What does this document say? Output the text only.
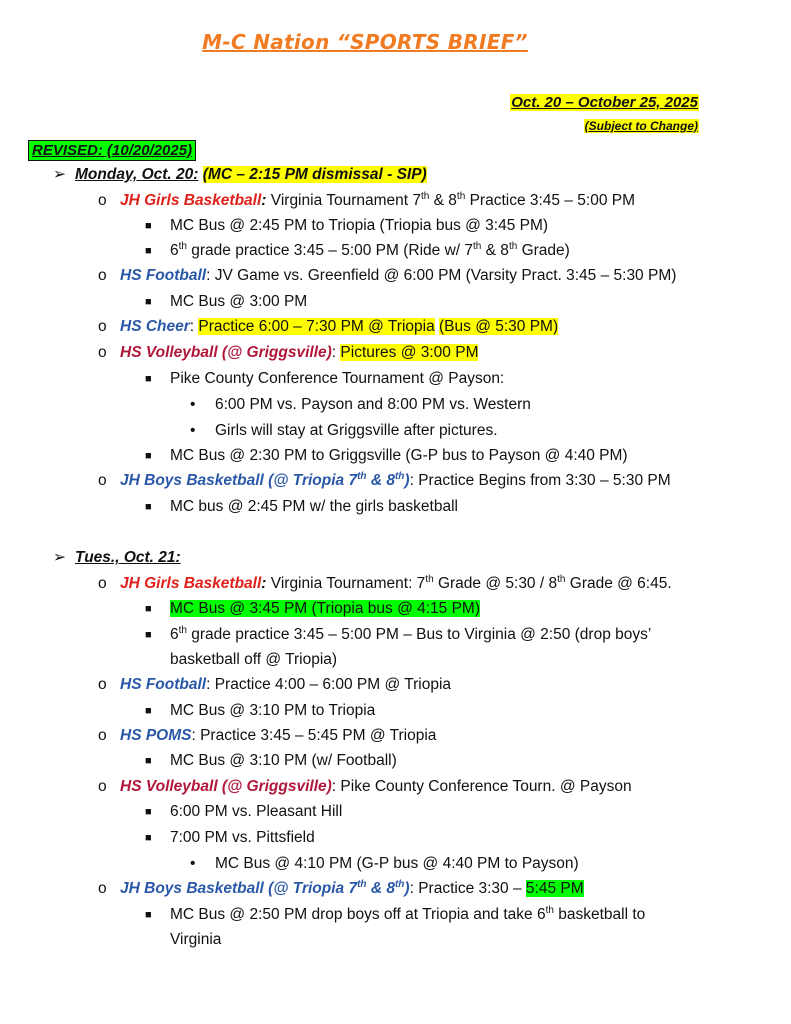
M-C Nation “SPORTS BRIEF”
Oct. 20 – October 25, 2025
(Subject to Change)
REVISED: (10/20/2025)
➢ Monday, Oct. 20: (MC – 2:15 PM dismissal - SIP)
o JH Girls Basketball: Virginia Tournament 7th & 8th Practice 3:45 – 5:00 PM
■ MC Bus @ 2:45 PM to Triopia (Triopia bus @ 3:45 PM)
■ 6th grade practice 3:45 – 5:00 PM (Ride w/ 7th & 8th Grade)
o HS Football: JV Game vs. Greenfield @ 6:00 PM (Varsity Pract. 3:45 – 5:30 PM)
■ MC Bus @ 3:00 PM
o HS Cheer: Practice 6:00 – 7:30 PM @ Triopia (Bus @ 5:30 PM)
o HS Volleyball (@ Griggsville): Pictures @ 3:00 PM
■ Pike County Conference Tournament @ Payson:
• 6:00 PM vs. Payson and 8:00 PM vs. Western
• Girls will stay at Griggsville after pictures.
■ MC Bus @ 2:30 PM to Griggsville (G-P bus to Payson @ 4:40 PM)
o JH Boys Basketball (@ Triopia 7th & 8th): Practice Begins from 3:30 – 5:30 PM
■ MC bus @ 2:45 PM w/ the girls basketball
➢ Tues., Oct. 21:
o JH Girls Basketball: Virginia Tournament: 7th Grade @ 5:30 / 8th Grade @ 6:45.
■ MC Bus @ 3:45 PM (Triopia bus @ 4:15 PM)
■ 6th grade practice 3:45 – 5:00 PM – Bus to Virginia @ 2:50 (drop boys’
basketball off @ Triopia)
o HS Football: Practice 4:00 – 6:00 PM @ Triopia
■ MC Bus @ 3:10 PM to Triopia
o HS POMS: Practice 3:45 – 5:45 PM @ Triopia
■ MC Bus @ 3:10 PM (w/ Football)
o HS Volleyball (@ Griggsville): Pike County Conference Tourn. @ Payson
■ 6:00 PM vs. Pleasant Hill
■ 7:00 PM vs. Pittsfield
• MC Bus @ 4:10 PM (G-P bus @ 4:40 PM to Payson)
o JH Boys Basketball (@ Triopia 7th & 8th): Practice 3:30 – 5:45 PM
■ MC Bus @ 2:50 PM drop boys off at Triopia and take 6th basketball to
Virginia
